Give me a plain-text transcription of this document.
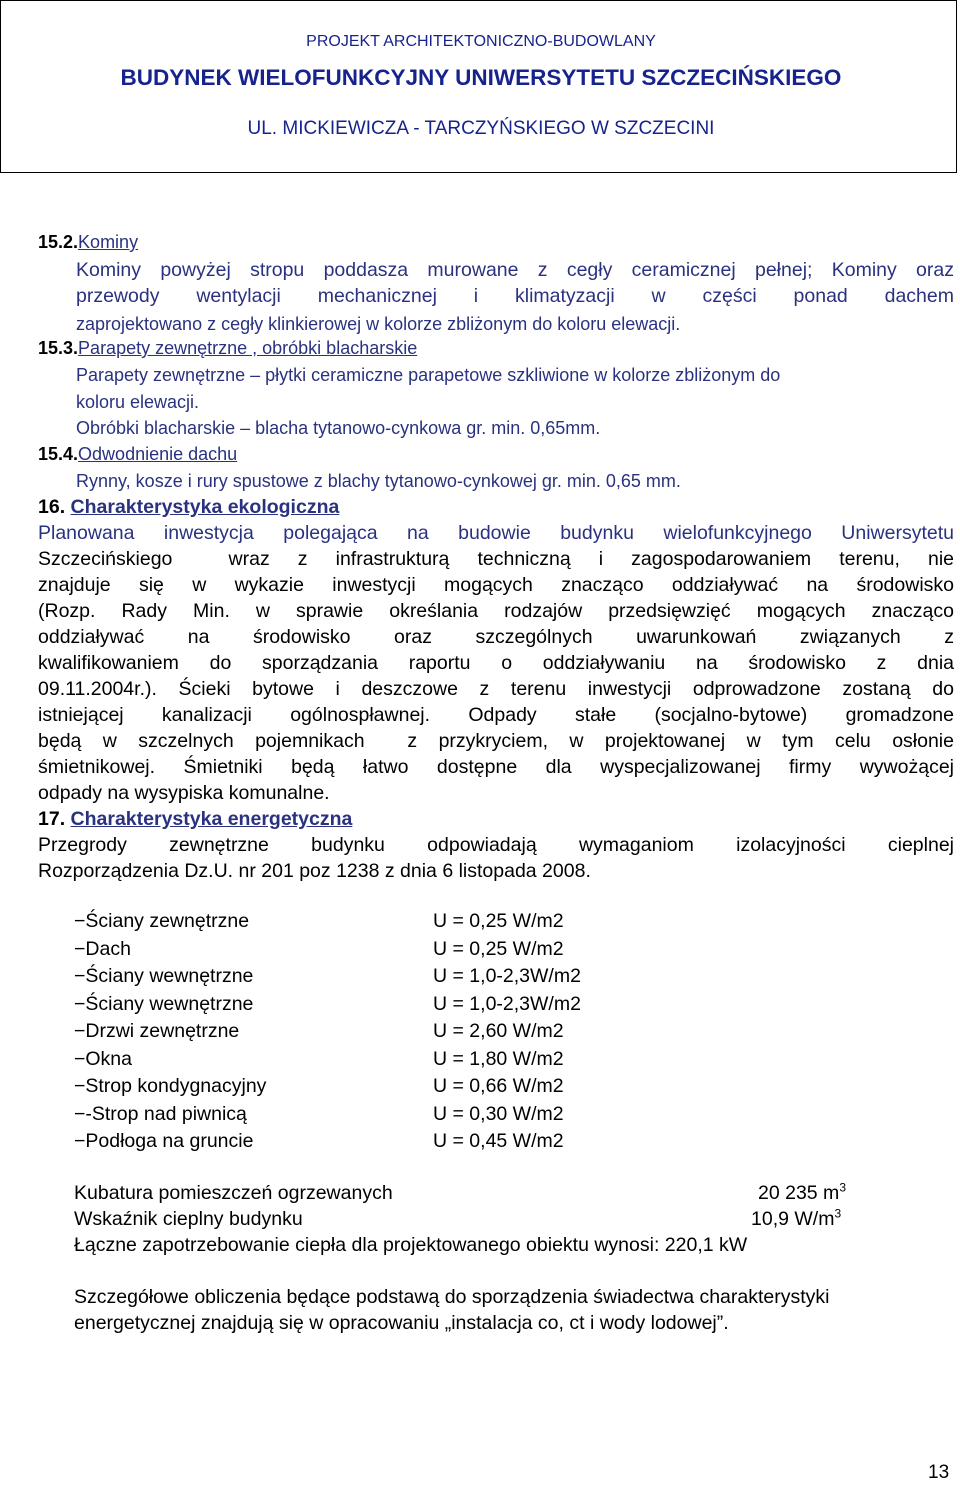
PROJEKT ARCHITEKTONICZNO-BUDOWLANY
BUDYNEK WIELOFUNKCYJNY UNIWERSYTETU SZCZECIŃSKIEGO
UL. MICKIEWICZA - TARCZYŃSKIEGO W SZCZECINI
15.2.Kominy
Kominy powyżej stropu poddasza murowane z cegły ceramicznej pełnej; Kominy oraz
przewody wentylacji mechanicznej i klimatyzacji w części ponad dachem
zaprojektowano z cegły klinkierowej w kolorze zbliżonym do koloru elewacji.
15.3.Parapety zewnętrzne , obróbki blacharskie
Parapety zewnętrzne – płytki ceramiczne parapetowe szkliwione w kolorze zbliżonym do
koloru elewacji.
Obróbki blacharskie – blacha tytanowo-cynkowa gr. min. 0,65mm.
15.4.Odwodnienie dachu
Rynny, kosze i rury spustowe z blachy tytanowo-cynkowej gr. min. 0,65 mm.
16. Charakterystyka ekologiczna
Planowana inwestycja polegająca na budowie budynku wielofunkcyjnego Uniwersytetu
Szczecińskiego  wraz z infrastrukturą techniczną i zagospodarowaniem terenu, nie
znajduje się w wykazie inwestycji mogących znacząco oddziaływać na środowisko
(Rozp. Rady Min. w sprawie określania rodzajów przedsięwzięć mogących znacząco
oddziaływać na środowisko oraz szczególnych uwarunkowań związanych z
kwalifikowaniem do sporządzania raportu o oddziaływaniu na środowisko z dnia
09.11.2004r.). Ścieki bytowe i deszczowe z terenu inwestycji odprowadzone zostaną do
istniejącej kanalizacji ogólnospławnej. Odpady stałe (socjalno-bytowe) gromadzone
będą w szczelnych pojemnikach  z przykryciem, w projektowanej w tym celu osłonie
śmietnikowej. Śmietniki będą łatwo dostępne dla wyspecjalizowanej firmy wywożącej
odpady na wysypiska komunalne.
17. Charakterystyka energetyczna
Przegrody zewnętrzne budynku odpowiadają wymaganiom izolacyjności cieplnej
Rozporządzenia Dz.U. nr 201 poz 1238 z dnia 6 listopada 2008.
−Ściany zewnętrzne	U = 0,25 W/m2
−Dach	U = 0,25 W/m2
−Ściany wewnętrzne	U = 1,0-2,3W/m2
−Ściany wewnętrzne	U = 1,0-2,3W/m2
−Drzwi zewnętrzne	U = 2,60 W/m2
−Okna	U = 1,80 W/m2
−Strop kondygnacyjny	U = 0,66 W/m2
−-Strop nad piwnicą	U = 0,30 W/m2
−Podłoga na gruncie	U = 0,45 W/m2
Kubatura pomieszczeń ogrzewanych	20 235 $m^3$
Wskaźnik cieplny budynku	10,9 $W/m^3$
Łączne zapotrzebowanie ciepła dla projektowanego obiektu wynosi: 220,1 kW
Szczegółowe obliczenia będące podstawą do sporządzenia świadectwa charakterystyki
energetycznej znajdują się w opracowaniu „instalacja co, ct i wody lodowej”.
13
